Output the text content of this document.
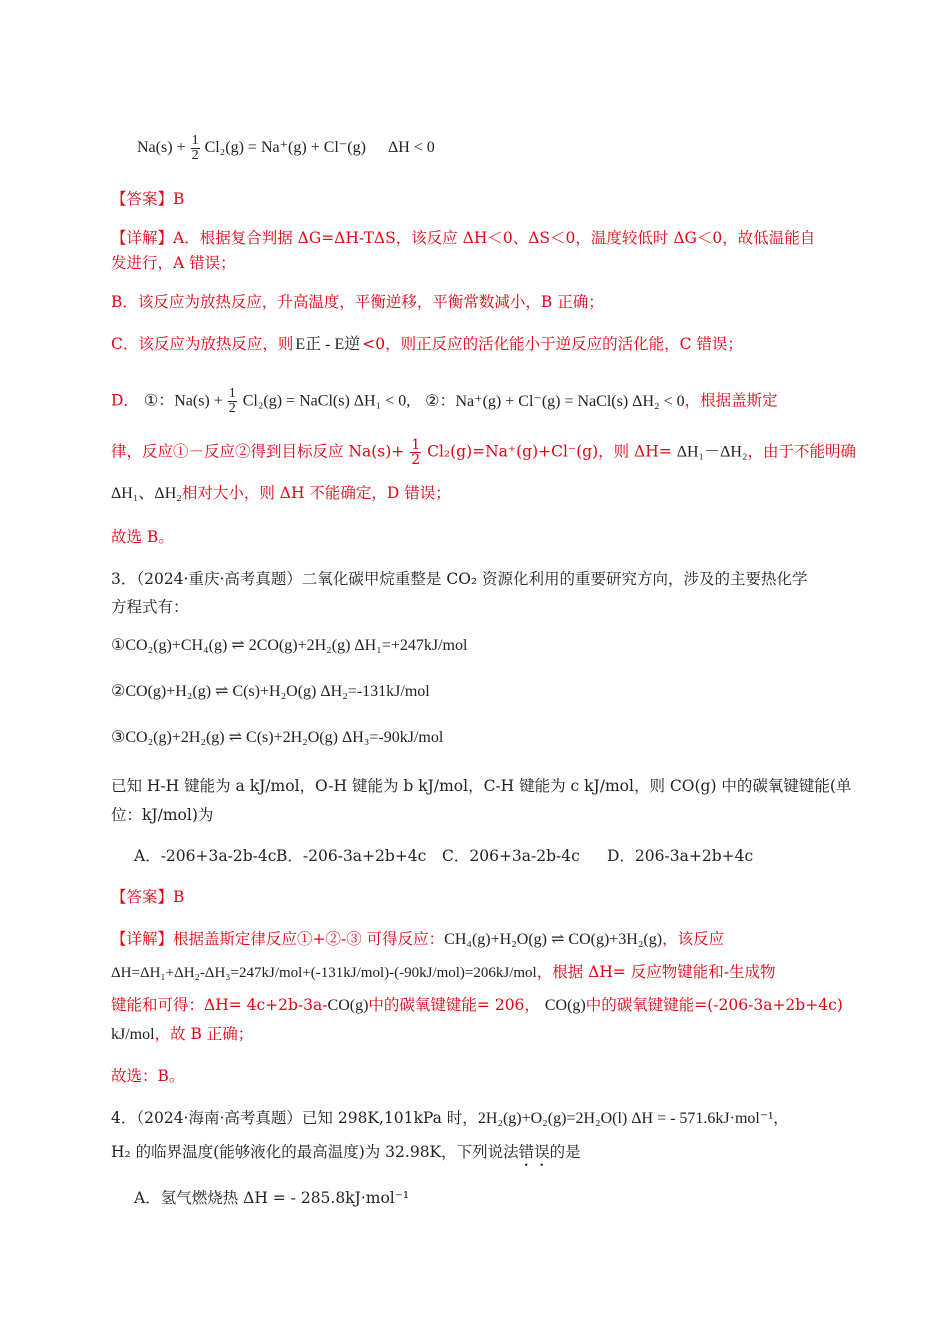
$Na(s) + \frac{1}{2} Cl_2(g) = Na^+(g) + Cl^-(g) \Delta H < 0$
【答案】B
【详解】A．根据复合判据 ΔG=ΔH-TΔS，该反应 ΔH＜0、ΔS＜0，温度较低时 ΔG＜0，故低温能自
发进行，A 错误；
B．该反应为放热反应，升高温度，平衡逆移，平衡常数减小，B 正确；
C．该反应为放热反应，则 E正 - E逆 <0，则正反应的活化能小于逆反应的活化能，C 错误；
D． ①：$Na(s) + \frac{1}{2} Cl_2(g)$ = NaCl(s) ΔH₁ < 0, ②：Na⁺(g) + Cl⁻(g) = NaCl(s) ΔH₂ < 0，根据盖斯定
律，反应①－反应②得到目标反应 $Na(s)+ \frac{1}{2} Cl_2(g)=Na^+(g)+Cl^-(g)$，则 ΔH= ΔH₁－ΔH₂，由于不能明确
ΔH₁、ΔH₂相对大小，则 ΔH 不能确定，D 错误；
故选 B。
3．（2024·重庆·高考真题）二氧化碳甲烷重整是 CO₂ 资源化利用的重要研究方向，涉及的主要热化学
方程式有：
①CO₂(g)+CH₄(g) ⇌ 2CO(g)+2H₂(g) ΔH₁=+247kJ/mol
②CO(g)+H₂(g) ⇌ C(s)+H₂O(g) ΔH₂=-131kJ/mol
③CO₂(g)+2H₂(g) ⇌ C(s)+2H₂O(g) ΔH₃=-90kJ/mol
已知 H-H 键能为 a kJ/mol，O-H 键能为 b kJ/mol，C-H 键能为 c kJ/mol，则 CO(g) 中的碳氧键键能(单
位：kJ/mol)为
A．-206+3a-2b-4c B．-206-3a+2b+4c C．206+3a-2b-4c D．206-3a+2b+4c
【答案】B
【详解】根据盖斯定律反应①+②-③ 可得反应：CH₄(g)+H₂O(g) ⇌ CO(g)+3H₂(g)，该反应
ΔH=ΔH₁+ΔH₂-ΔH₃=247kJ/mol+(-131kJ/mol)-(-90kJ/mol)=206kJ/mol，根据 ΔH= 反应物键能和-生成物
键能和可得：ΔH= 4c+2b-3a-CO(g)中的碳氧键键能= 206， CO(g)中的碳氧键键能=(-206-3a+2b+4c)
kJ/mol，故 B 正确；
故选：B。
4．（2024·海南·高考真题）已知 298K,101kPa 时，2H₂(g)+O₂(g)=2H₂O(l) ΔH = - 571.6kJ·mol⁻¹，
H₂ 的临界温度(能够液化的最高温度)为 32.98K，下列说法错误的是
A．氢气燃烧热 ΔH = - 285.8kJ·mol⁻¹
